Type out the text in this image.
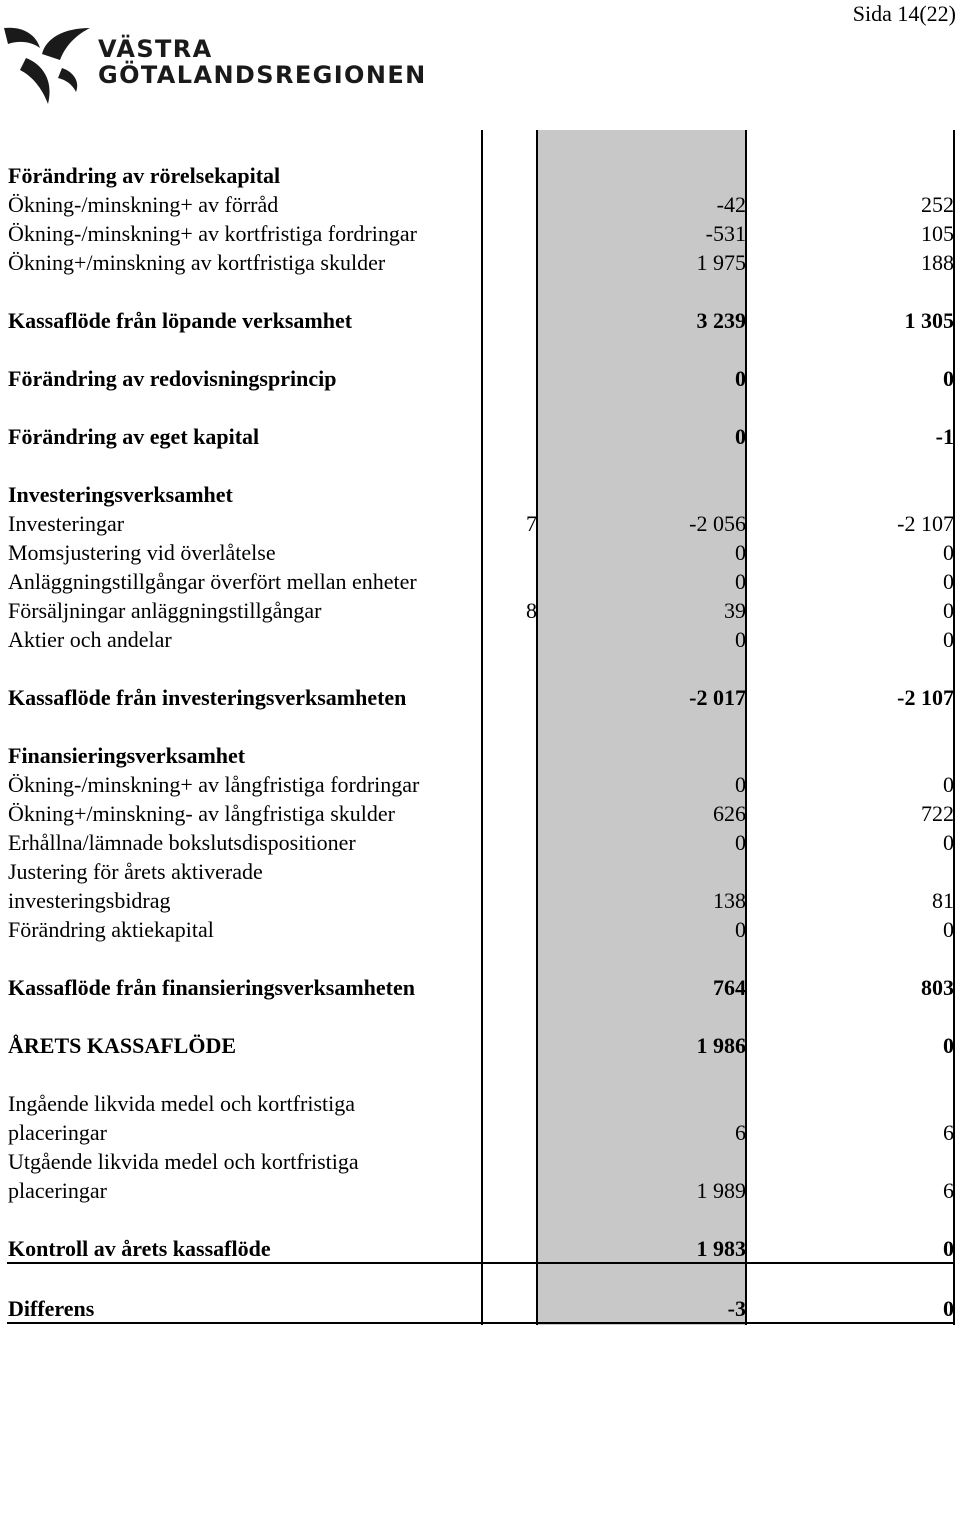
Sida 14(22)
VÄSTRA
GÖTALANDSREGIONEN
Förändring av rörelsekapital
Ökning-/minskning+ av förråd	-42	252
Ökning-/minskning+ av kortfristiga fordringar	-531	105
Ökning+/minskning av kortfristiga skulder	1 975	188
Kassaflöde från löpande verksamhet	3 239	1 305
Förändring av redovisningsprincip	0	0
Förändring av eget kapital	0	-1
Investeringsverksamhet
Investeringar	7	-2 056	-2 107
Momsjustering vid överlåtelse	0	0
Anläggningstillgångar överfört mellan enheter	0	0
Försäljningar anläggningstillgångar	8	39	0
Aktier och andelar	0	0
Kassaflöde från investeringsverksamheten	-2 017	-2 107
Finansieringsverksamhet
Ökning-/minskning+ av långfristiga fordringar	0	0
Ökning+/minskning- av långfristiga skulder	626	722
Erhållna/lämnade bokslutsdispositioner	0	0
Justering för årets aktiverade
investeringsbidrag	138	81
Förändring aktiekapital	0	0
Kassaflöde från finansieringsverksamheten	764	803
ÅRETS KASSAFLÖDE	1 986	0
Ingående likvida medel och kortfristiga
placeringar	6	6
Utgående likvida medel och kortfristiga
placeringar	1 989	6
Kontroll av årets kassaflöde	1 983	0
Differens	-3	0
